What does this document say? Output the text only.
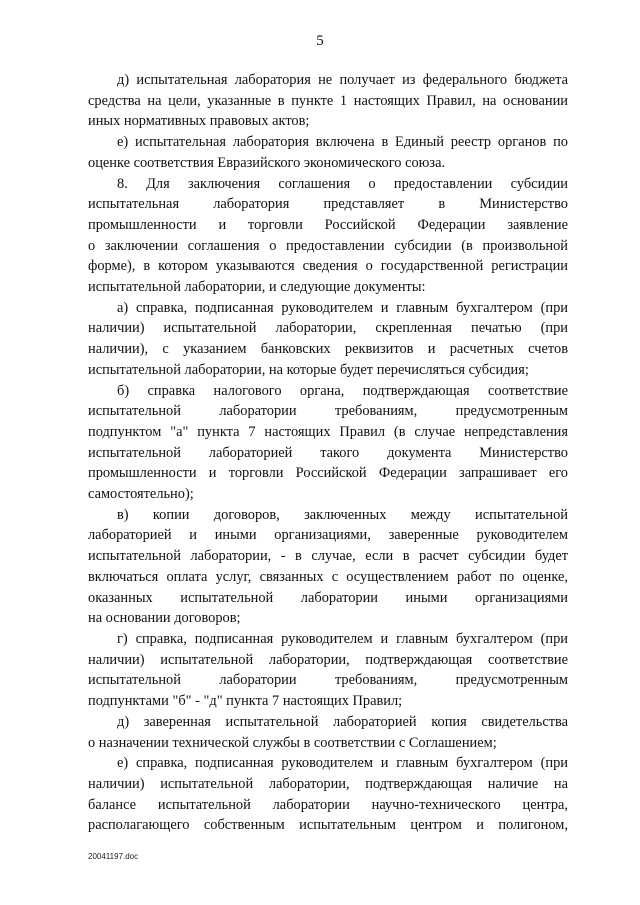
5
д) испытательная лаборатория не получает из федерального бюджета
средства на цели, указанные в пункте 1 настоящих Правил, на основании
иных нормативных правовых актов;
е) испытательная лаборатория включена в Единый реестр органов по
оценке соответствия Евразийского экономического союза.
8. Для заключения соглашения о предоставлении субсидии
испытательная лаборатория представляет в Министерство
промышленности и торговли Российской Федерации заявление
о заключении соглашения о предоставлении субсидии (в произвольной
форме), в котором указываются сведения о государственной регистрации
испытательной лаборатории, и следующие документы:
а) справка, подписанная руководителем и главным бухгалтером (при
наличии) испытательной лаборатории, скрепленная печатью (при
наличии), с указанием банковских реквизитов и расчетных счетов
испытательной лаборатории, на которые будет перечисляться субсидия;
б) справка налогового органа, подтверждающая соответствие
испытательной лаборатории требованиям, предусмотренным
подпунктом "а" пункта 7 настоящих Правил (в случае непредставления
испытательной лабораторией такого документа Министерство
промышленности и торговли Российской Федерации запрашивает его
самостоятельно);
в) копии договоров, заключенных между испытательной
лабораторией и иными организациями, заверенные руководителем
испытательной лаборатории, - в случае, если в расчет субсидии будет
включаться оплата услуг, связанных с осуществлением работ по оценке,
оказанных испытательной лаборатории иными организациями
на основании договоров;
г) справка, подписанная руководителем и главным бухгалтером (при
наличии) испытательной лаборатории, подтверждающая соответствие
испытательной лаборатории требованиям, предусмотренным
подпунктами "б" - "д" пункта 7 настоящих Правил;
д) заверенная испытательной лабораторией копия свидетельства
о назначении технической службы в соответствии с Соглашением;
е) справка, подписанная руководителем и главным бухгалтером (при
наличии) испытательной лаборатории, подтверждающая наличие на
балансе испытательной лаборатории научно-технического центра,
располагающего собственным испытательным центром и полигоном,
20041197.doc
